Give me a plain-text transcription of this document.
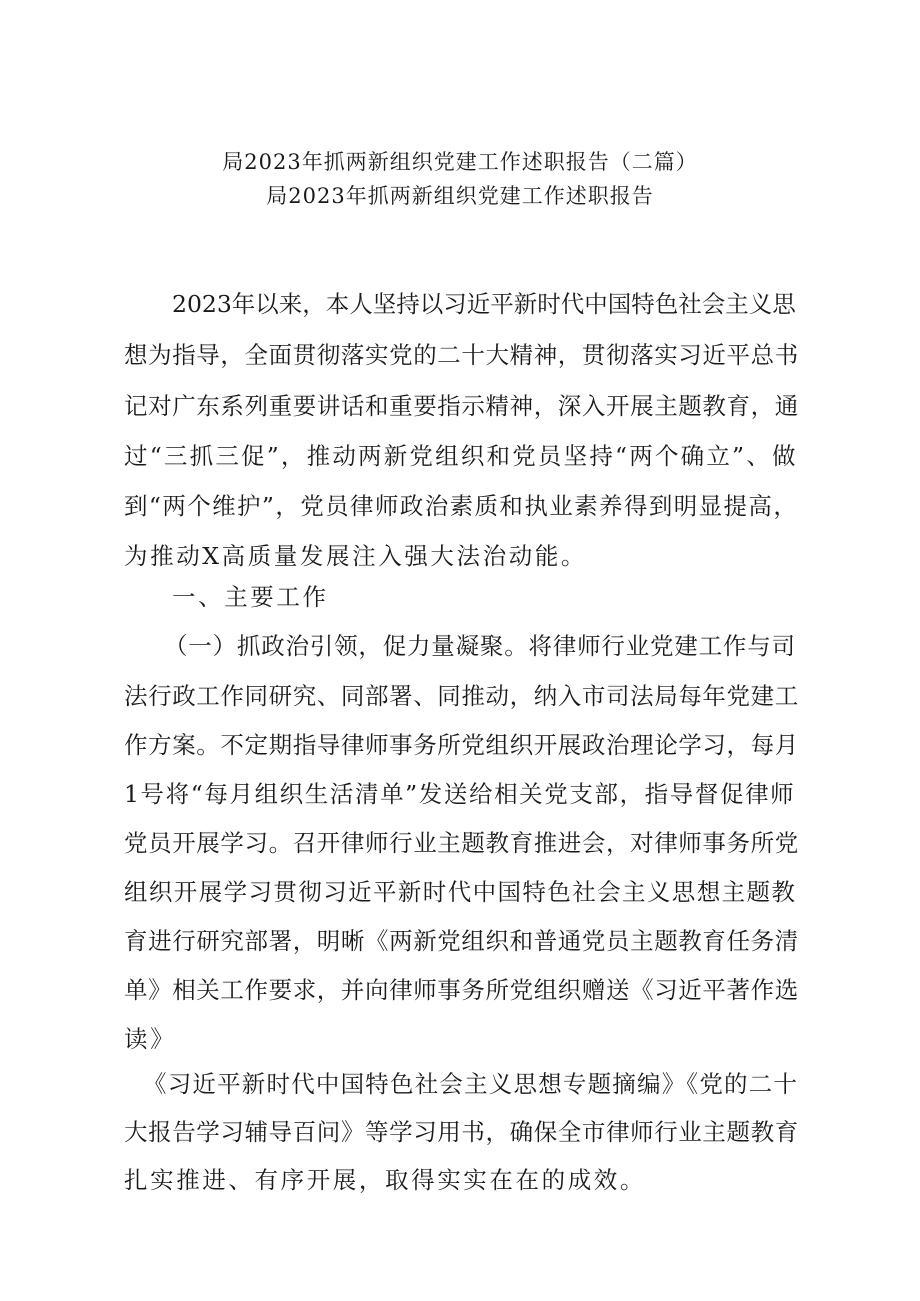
局2023年抓两新组织党建工作述职报告（二篇）
局2023年抓两新组织党建工作述职报告
2023年以来，本人坚持以习近平新时代中国特色社会主义思
想为指导，全面贯彻落实党的二十大精神，贯彻落实习近平总书
记对广东系列重要讲话和重要指示精神，深入开展主题教育，通
过“三抓三促”，推动两新党组织和党员坚持“两个确立”、做
到“两个维护”，党员律师政治素质和执业素养得到明显提高，
为推动X高质量发展注入强大法治动能。
一、主要工作
（一）抓政治引领，促力量凝聚。将律师行业党建工作与司
法行政工作同研究、同部署、同推动，纳入市司法局每年党建工
作方案。不定期指导律师事务所党组织开展政治理论学习，每月
1号将“每月组织生活清单”发送给相关党支部，指导督促律师
党员开展学习。召开律师行业主题教育推进会，对律师事务所党
组织开展学习贯彻习近平新时代中国特色社会主义思想主题教
育进行研究部署，明晰《两新党组织和普通党员主题教育任务清
单》相关工作要求，并向律师事务所党组织赠送《习近平著作选
读》
《习近平新时代中国特色社会主义思想专题摘编》《党的二十
大报告学习辅导百问》等学习用书，确保全市律师行业主题教育
扎实推进、有序开展，取得实实在在的成效。
